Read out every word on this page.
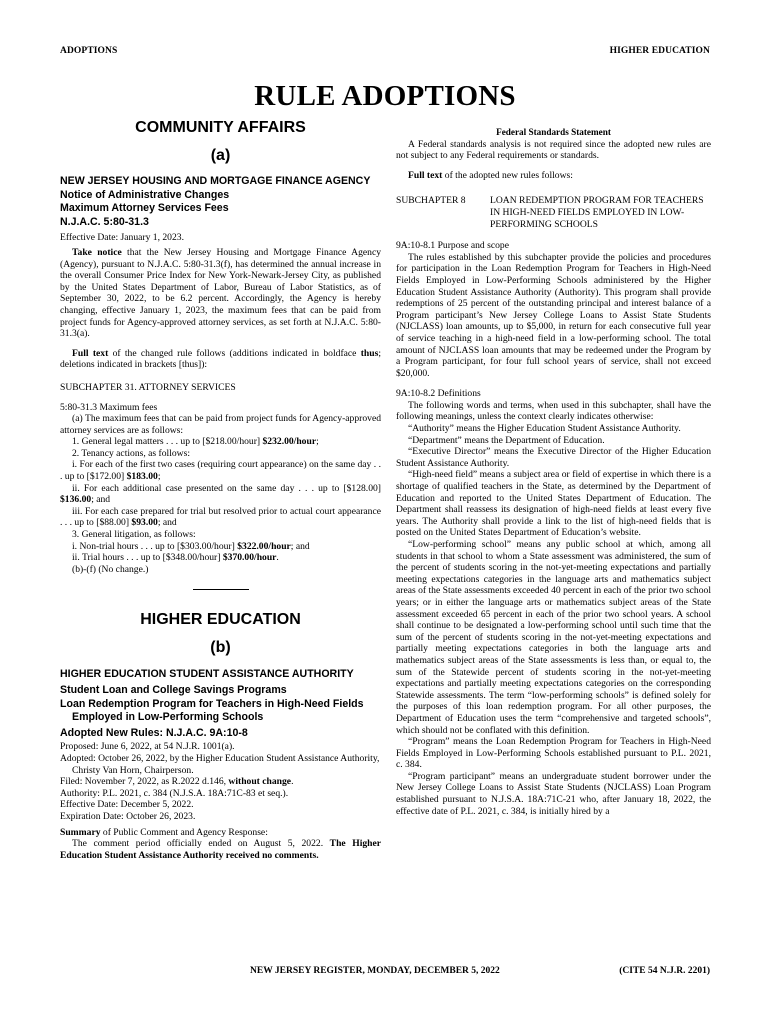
ADOPTIONS	HIGHER EDUCATION
RULE ADOPTIONS

COMMUNITY AFFAIRS

(a)

NEW JERSEY HOUSING AND MORTGAGE FINANCE AGENCY

Notice of Administrative Changes

Maximum Attorney Services Fees

N.J.A.C. 5:80-31.3

Effective Date: January 1, 2023.

Take notice that the New Jersey Housing and Mortgage Finance Agency (Agency), pursuant to N.J.A.C. 5:80-31.3(f), has determined the annual increase in the overall Consumer Price Index for New York-Newark-Jersey City, as published by the United States Department of Labor, Bureau of Labor Statistics, as of September 30, 2022, to be 6.2 percent. Accordingly, the Agency is hereby changing, effective January 1, 2023, the maximum fees that can be paid from project funds for Agency-approved attorney services, as set forth at N.J.A.C. 5:80-31.3(a).

Full text of the changed rule follows (additions indicated in boldface thus; deletions indicated in brackets [thus]):

SUBCHAPTER 31. ATTORNEY SERVICES

5:80-31.3 Maximum fees

(a) The maximum fees that can be paid from project funds for Agency-approved attorney services are as follows:

1. General legal matters . . . up to [$218.00/hour] $232.00/hour;

2. Tenancy actions, as follows:

i. For each of the first two cases (requiring court appearance) on the same day . . . up to [$172.00] $183.00;

ii. For each additional case presented on the same day . . . up to [$128.00] $136.00; and

iii. For each case prepared for trial but resolved prior to actual court appearance . . . up to [$88.00] $93.00; and

3. General litigation, as follows:

i. Non-trial hours . . . up to [$303.00/hour] $322.00/hour; and

ii. Trial hours . . . up to [$348.00/hour] $370.00/hour.

(b)-(f) (No change.)

HIGHER EDUCATION

(b)

HIGHER EDUCATION STUDENT ASSISTANCE AUTHORITY

Student Loan and College Savings Programs

Loan Redemption Program for Teachers in High-Need Fields Employed in Low-Performing Schools

Adopted New Rules: N.J.A.C. 9A:10-8

Proposed: June 6, 2022, at 54 N.J.R. 1001(a).

Adopted: October 26, 2022, by the Higher Education Student Assistance Authority, Christy Van Horn, Chairperson.

Filed: November 7, 2022, as R.2022 d.146, without change.

Authority: P.L. 2021, c. 384 (N.J.S.A. 18A:71C-83 et seq.).

Effective Date: December 5, 2022.

Expiration Date: October 26, 2023.

Summary of Public Comment and Agency Response:

The comment period officially ended on August 5, 2022. The Higher Education Student Assistance Authority received no comments.

Federal Standards Statement

A Federal standards analysis is not required since the adopted new rules are not subject to any Federal requirements or standards.

Full text of the adopted new rules follows:

SUBCHAPTER 8	LOAN REDEMPTION PROGRAM FOR TEACHERS IN HIGH-NEED FIELDS EMPLOYED IN LOW-PERFORMING SCHOOLS

9A:10-8.1 Purpose and scope

The rules established by this subchapter provide the policies and procedures for participation in the Loan Redemption Program for Teachers in High-Need Fields Employed in Low-Performing Schools administered by the Higher Education Student Assistance Authority (Authority). This program shall provide redemptions of 25 percent of the outstanding principal and interest balance of a Program participant’s New Jersey College Loans to Assist State Students (NJCLASS) loan amounts, up to $5,000, in return for each consecutive full year of service teaching in a high-need field in a low-performing school. The total amount of NJCLASS loan amounts that may be redeemed under the Program by a Program participant, for four full school years of service, shall not exceed $20,000.

9A:10-8.2 Definitions

The following words and terms, when used in this subchapter, shall have the following meanings, unless the context clearly indicates otherwise:

“Authority” means the Higher Education Student Assistance Authority.

“Department” means the Department of Education.

“Executive Director” means the Executive Director of the Higher Education Student Assistance Authority.

“High-need field” means a subject area or field of expertise in which there is a shortage of qualified teachers in the State, as determined by the Department of Education and reported to the United States Department of Education. The Department shall reassess its designation of high-need fields at least every five years. The Authority shall provide a link to the list of high-need fields that is posted on the United States Department of Education’s website.

“Low-performing school” means any public school at which, among all students in that school to whom a State assessment was administered, the sum of the percent of students scoring in the not-yet-meeting expectations and partially meeting expectations categories in the language arts and mathematics subject areas of the State assessments exceeded 40 percent in each of the prior two school years; or in either the language arts or mathematics subject areas of the State assessment exceeded 65 percent in each of the prior two school years. A school shall continue to be designated a low-performing school until such time that the sum of the percent of students scoring in the not-yet-meeting expectations and partially meeting expectations categories in both the language arts and mathematics subject areas of the State assessments is less than, or equal to, the sum of the Statewide percent of students scoring in the not-yet-meeting expectations and partially meeting expectations categories on the corresponding Statewide assessments. The term “low-performing schools” is defined solely for the purposes of this loan redemption program. For all other purposes, the Department of Education uses the term “comprehensive and targeted schools”, which should not be conflated with this definition.

“Program” means the Loan Redemption Program for Teachers in High-Need Fields Employed in Low-Performing Schools established pursuant to P.L. 2021, c. 384.

“Program participant” means an undergraduate student borrower under the New Jersey College Loans to Assist State Students (NJCLASS) Loan Program established pursuant to N.J.S.A. 18A:71C-21 who, after January 18, 2022, the effective date of P.L. 2021, c. 384, is initially hired by a

NEW JERSEY REGISTER, MONDAY, DECEMBER 5, 2022	(CITE 54 N.J.R. 2201)
